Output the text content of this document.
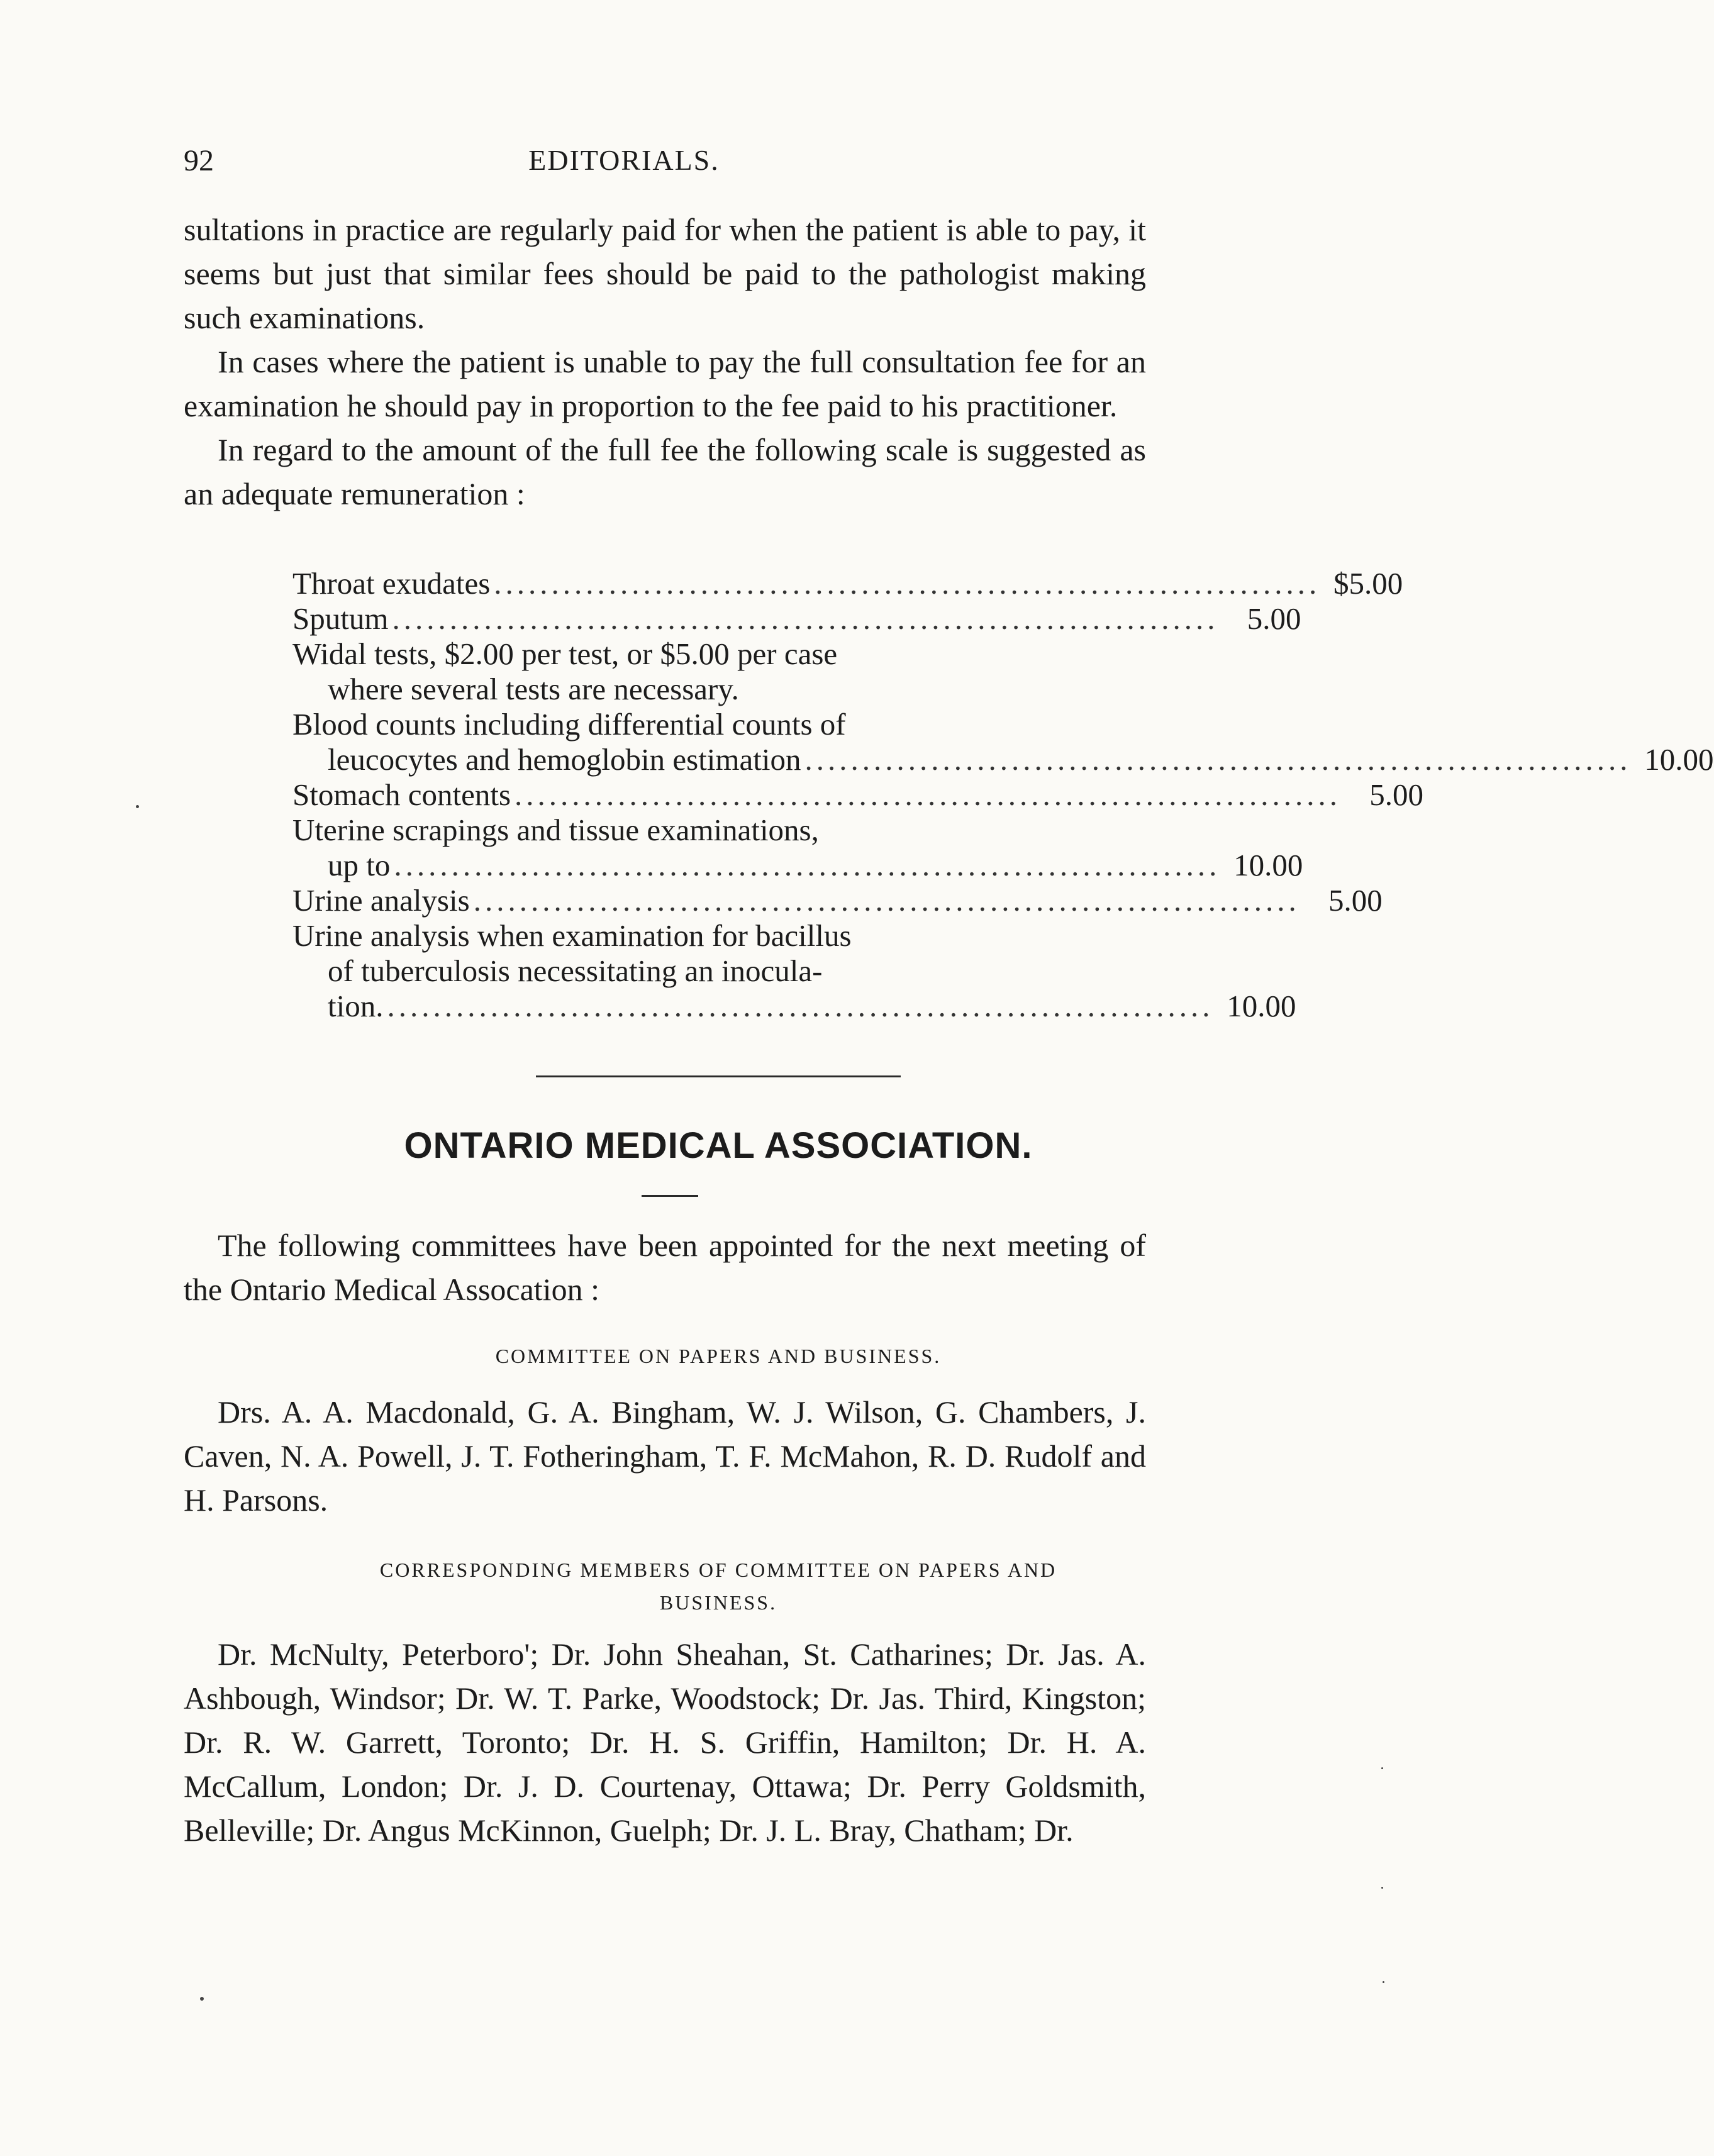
92	EDITORIALS.

sultations in practice are regularly paid for when the patient is able to pay, it seems but just that similar fees should be paid to the pathologist making such examinations.

In cases where the patient is unable to pay the full consultation fee for an examination he should pay in proportion to the fee paid to his practitioner.

In regard to the amount of the full fee the following scale is suggested as an adequate remuneration :

Throat exudates ........................................................................ $5.00
Sputum ........................................................................ 5.00
Widal tests, $2.00 per test, or $5.00 per case
where several tests are necessary.
Blood counts including differential counts of
leucocytes and hemoglobin estimation ........................................................................ 10.00
Stomach contents ........................................................................ 5.00
Uterine scrapings and tissue examinations,
up to ........................................................................ 10.00
Urine analysis ........................................................................ 5.00
Urine analysis when examination for bacillus
of tuberculosis necessitating an inocula-
tion. ........................................................................ 10.00
ONTARIO MEDICAL ASSOCIATION.

The following committees have been appointed for the next meeting of the Ontario Medical Assocation :

COMMITTEE ON PAPERS AND BUSINESS.

Drs. A. A. Macdonald, G. A. Bingham, W. J. Wilson, G. Chambers, J. Caven, N. A. Powell, J. T. Fotheringham, T. F. McMahon, R. D. Rudolf and H. Parsons.

CORRESPONDING MEMBERS OF COMMITTEE ON PAPERS AND
BUSINESS.

Dr. McNulty, Peterboro'; Dr. John Sheahan, St. Catharines; Dr. Jas. A. Ashbough, Windsor; Dr. W. T. Parke, Woodstock; Dr. Jas. Third, Kingston; Dr. R. W. Garrett, Toronto; Dr. H. S. Griffin, Hamilton; Dr. H. A. McCallum, London; Dr. J. D. Courtenay, Ottawa; Dr. Perry Goldsmith, Belleville; Dr. Angus McKinnon, Guelph; Dr. J. L. Bray, Chatham; Dr.
